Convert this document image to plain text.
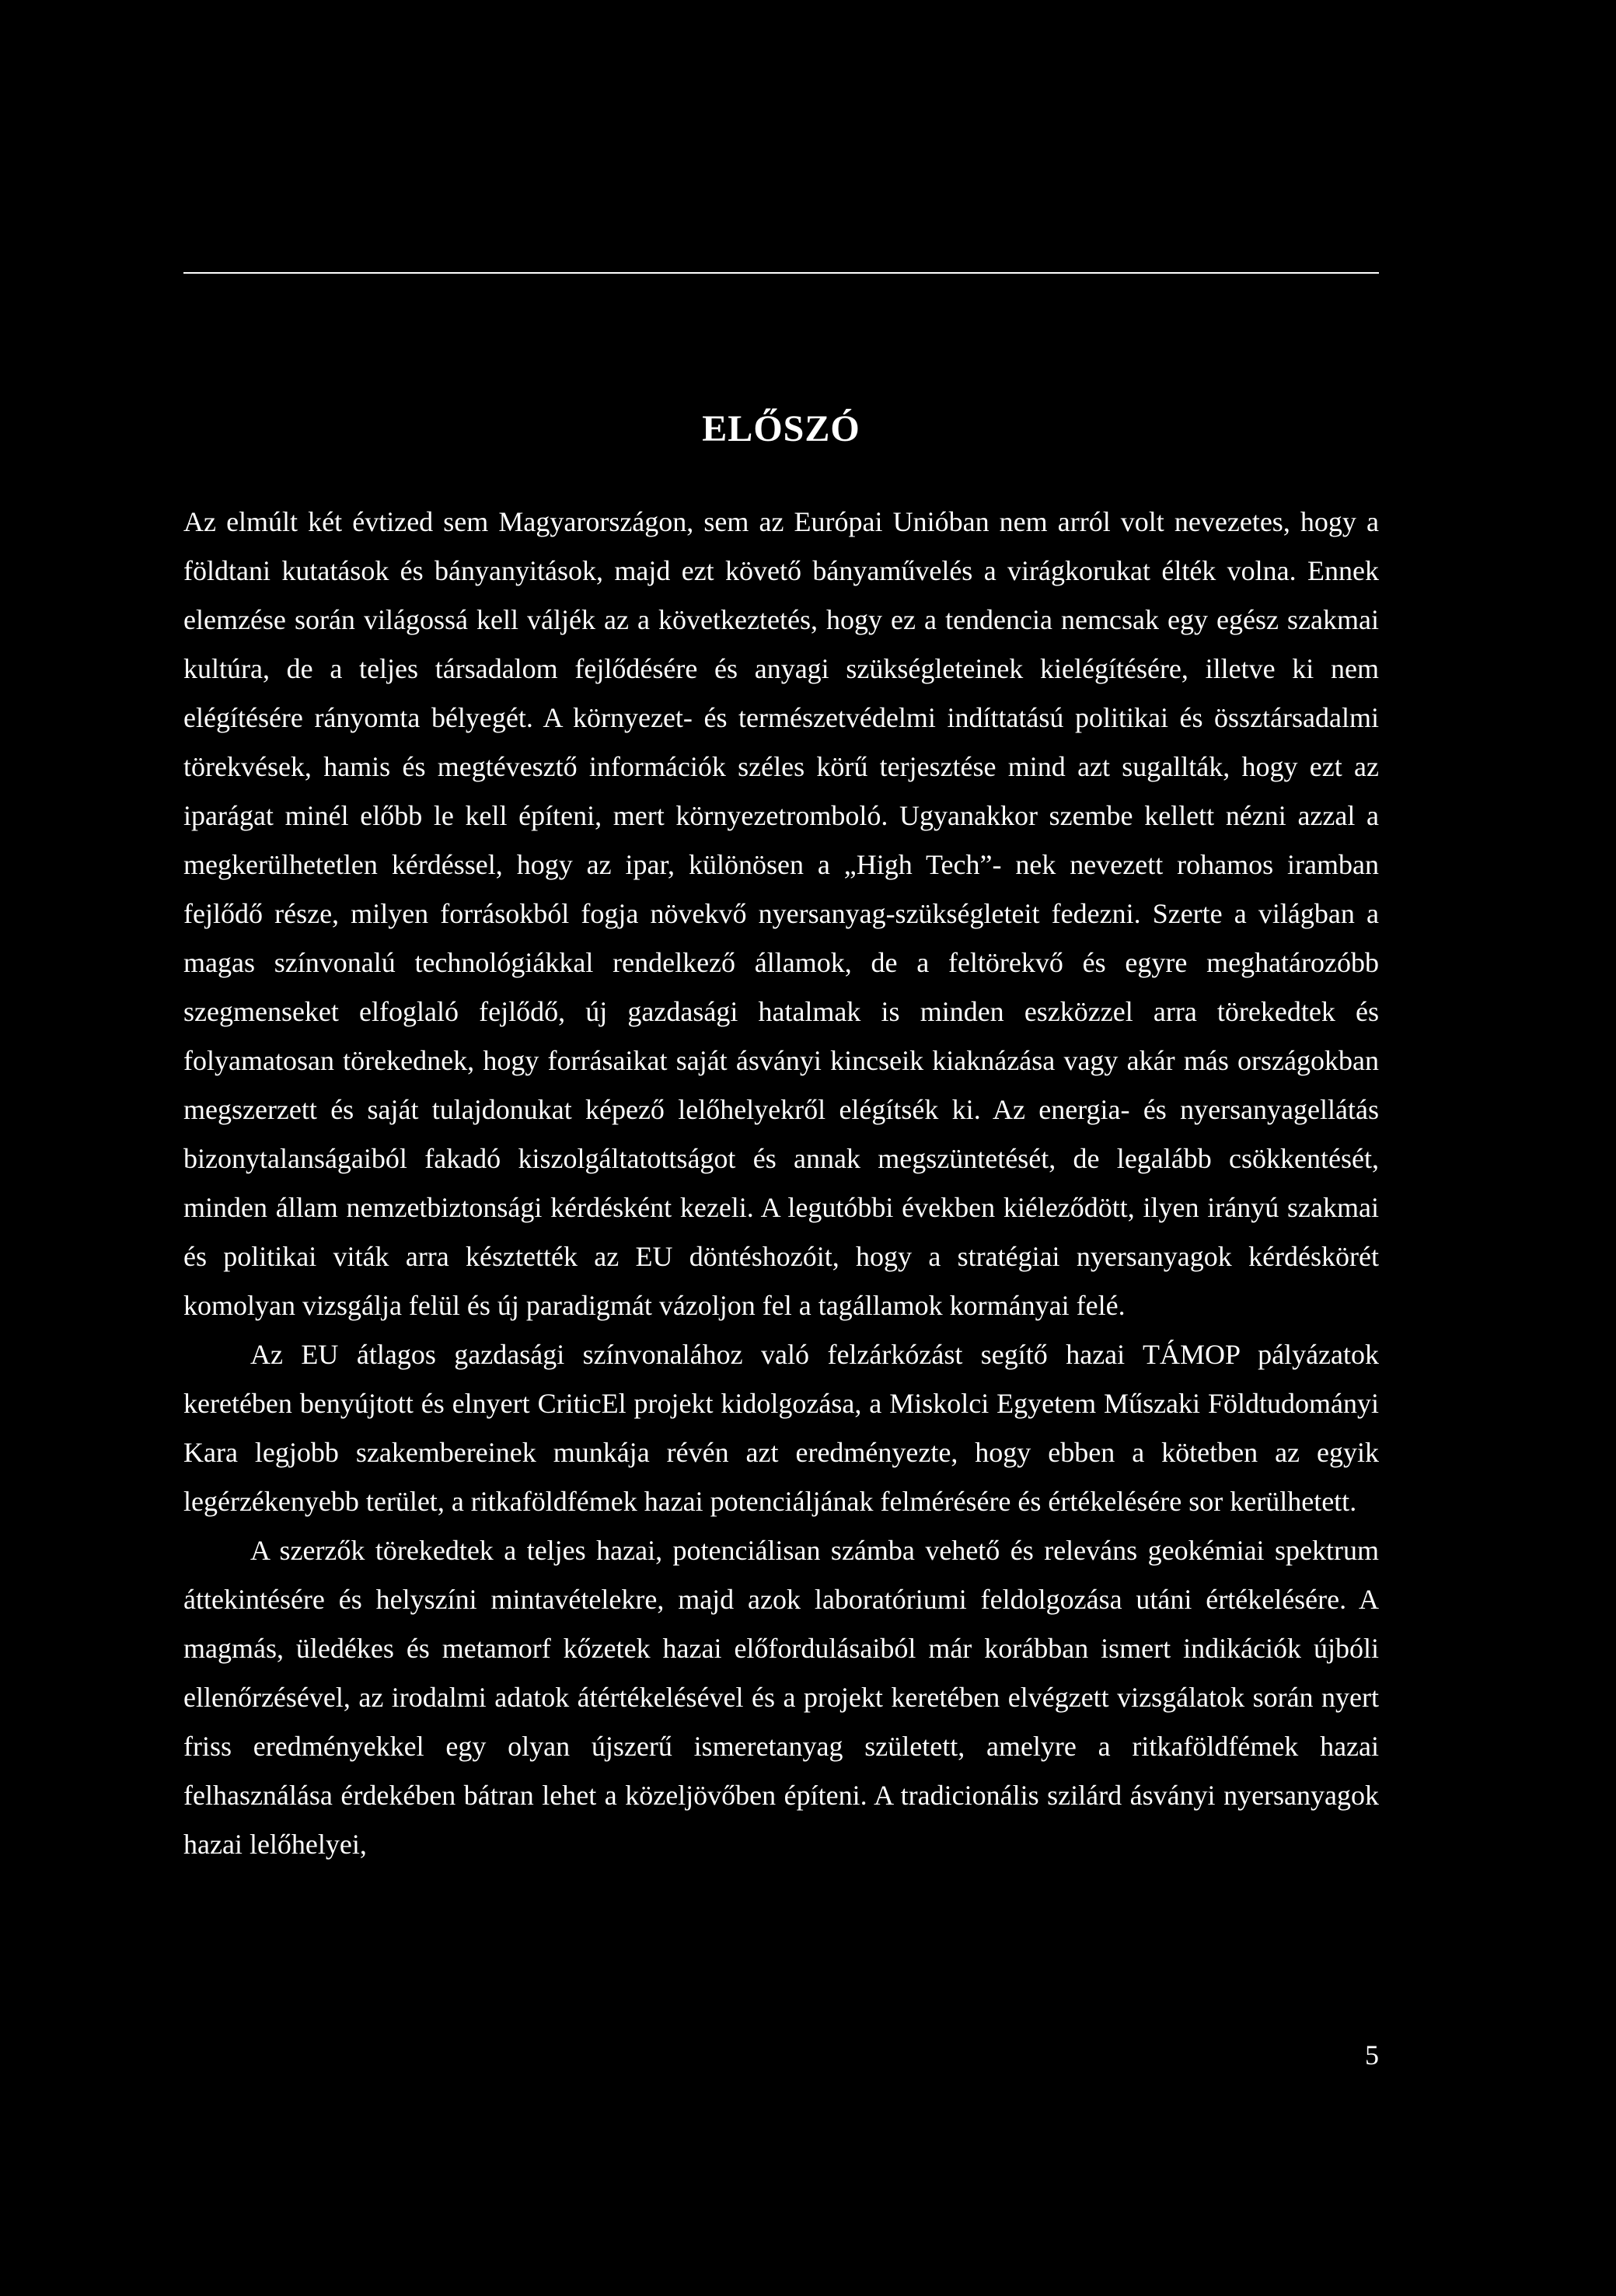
ELŐSZÓ

Az elmúlt két évtized sem Magyarországon, sem az Európai Unióban nem arról volt nevezetes, hogy a földtani kutatások és bányanyitások, majd ezt követő bányaművelés a virágkorukat élték volna. Ennek elemzése során világossá kell váljék az a következtetés, hogy ez a tendencia nemcsak egy egész szakmai kultúra, de a teljes társadalom fejlődésére és anyagi szükségleteinek kielégítésére, illetve ki nem elégítésére rányomta bélyegét. A környezet- és természetvédelmi indíttatású politikai és össztársadalmi törekvések, hamis és megtévesztő információk széles körű terjesztése mind azt sugallták, hogy ezt az iparágat minél előbb le kell építeni, mert környezetromboló. Ugyanakkor szembe kellett nézni azzal a megkerülhetetlen kérdéssel, hogy az ipar, különösen a „High Tech”- nek nevezett rohamos iramban fejlődő része, milyen forrásokból fogja növekvő nyersanyag-szükségleteit fedezni. Szerte a világban a magas színvonalú technológiákkal rendelkező államok, de a feltörekvő és egyre meghatározóbb szegmenseket elfoglaló fejlődő, új gazdasági hatalmak is minden eszközzel arra törekedtek és folyamatosan törekednek, hogy forrásaikat saját ásványi kincseik kiaknázása vagy akár más országokban megszerzett és saját tulajdonukat képező lelőhelyekről elégítsék ki. Az energia- és nyersanyagellátás bizonytalanságaiból fakadó kiszolgáltatottságot és annak megszüntetését, de legalább csökkentését, minden állam nemzetbiztonsági kérdésként kezeli. A legutóbbi években kiéleződött, ilyen irányú szakmai és politikai viták arra késztették az EU döntéshozóit, hogy a stratégiai nyersanyagok kérdéskörét komolyan vizsgálja felül és új paradigmát vázoljon fel a tagállamok kormányai felé.

Az EU átlagos gazdasági színvonalához való felzárkózást segítő hazai TÁMOP pályázatok keretében benyújtott és elnyert CriticEl projekt kidolgozása, a Miskolci Egyetem Műszaki Földtudományi Kara legjobb szakembereinek munkája révén azt eredményezte, hogy ebben a kötetben az egyik legérzékenyebb terület, a ritkaföldfémek hazai potenciáljának felmérésére és értékelésére sor kerülhetett.

A szerzők törekedtek a teljes hazai, potenciálisan számba vehető és releváns geokémiai spektrum áttekintésére és helyszíni mintavételekre, majd azok laboratóriumi feldolgozása utáni értékelésére. A magmás, üledékes és metamorf kőzetek hazai előfordulásaiból már korábban ismert indikációk újbóli ellenőrzésével, az irodalmi adatok átértékelésével és a projekt keretében elvégzett vizsgálatok során nyert friss eredményekkel egy olyan újszerű ismeretanyag született, amelyre a ritkaföldfémek hazai felhasználása érdekében bátran lehet a közeljövőben építeni. A tradicionális szilárd ásványi nyersanyagok hazai lelőhelyei,

5
